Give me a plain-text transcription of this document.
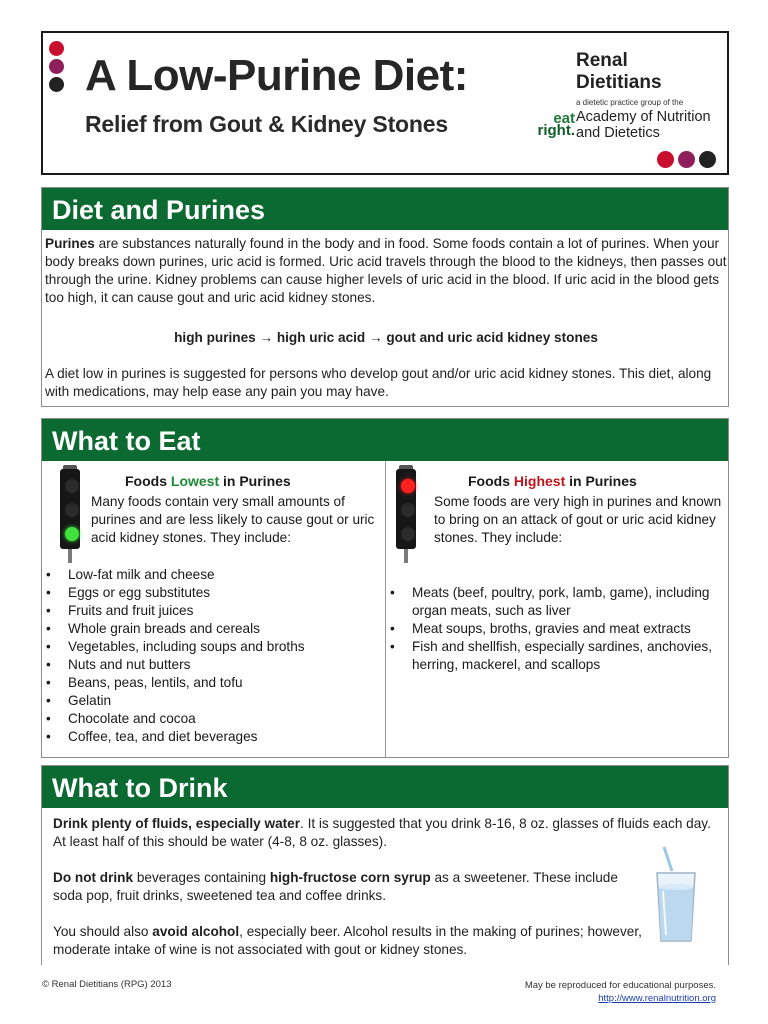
A Low-Purine Diet:
Relief from Gout & Kidney Stones
Renal Dietitians
a dietetic practice group of the
Academy of Nutrition and Dietetics
eat
right.
Diet and Purines
Purines are substances naturally found in the body and in food. Some foods contain a lot of purines. When your body breaks down purines, uric acid is formed. Uric acid travels through the blood to the kidneys, then passes out through the urine. Kidney problems can cause higher levels of uric acid in the blood. If uric acid in the blood gets too high, it can cause gout and uric acid kidney stones.
high purines → high uric acid → gout and uric acid kidney stones
A diet low in purines is suggested for persons who develop gout and/or uric acid kidney stones. This diet, along with medications, may help ease any pain you may have.
What to Eat
Foods Lowest in Purines
Many foods contain very small amounts of purines and are less likely to cause gout or uric acid kidney stones. They include:
• Low-fat milk and cheese
• Eggs or egg substitutes
• Fruits and fruit juices
• Whole grain breads and cereals
• Vegetables, including soups and broths
• Nuts and nut butters
• Beans, peas, lentils, and tofu
• Gelatin
• Chocolate and cocoa
• Coffee, tea, and diet beverages
Foods Highest in Purines
Some foods are very high in purines and known to bring on an attack of gout or uric acid kidney stones. They include:
• Meats (beef, poultry, pork, lamb, game), including organ meats, such as liver
• Meat soups, broths, gravies and meat extracts
• Fish and shellfish, especially sardines, anchovies, herring, mackerel, and scallops
What to Drink
Drink plenty of fluids, especially water. It is suggested that you drink 8-16, 8 oz. glasses of fluids each day. At least half of this should be water (4-8, 8 oz. glasses).
Do not drink beverages containing high-fructose corn syrup as a sweetener. These include soda pop, fruit drinks, sweetened tea and coffee drinks.
You should also avoid alcohol, especially beer. Alcohol results in the making of purines; however, moderate intake of wine is not associated with gout or kidney stones.
© Renal Dietitians (RPG) 2013	May be reproduced for educational purposes.
http://www.renalnutrition.org
